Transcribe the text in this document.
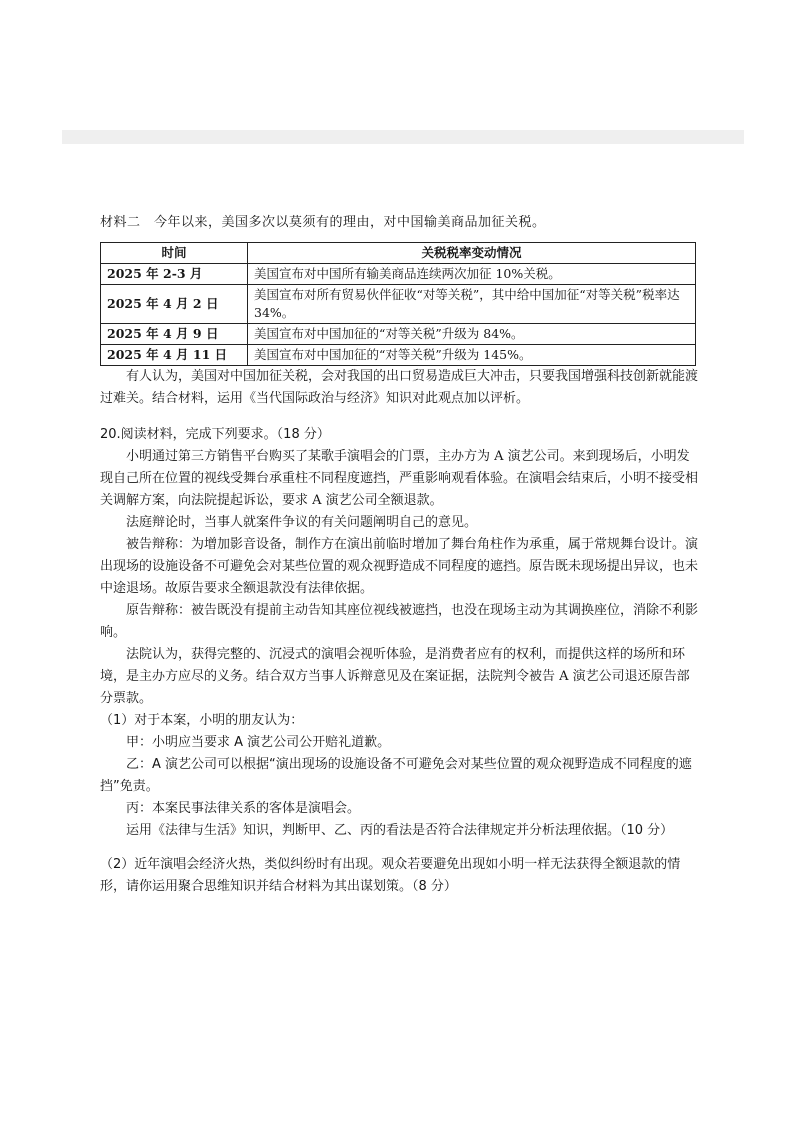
材料二　今年以来，美国多次以莫须有的理由，对中国输美商品加征关税。

时间	关税税率变动情况
2025 年 2-3 月	美国宣布对中国所有输美商品连续两次加征 10%关税。
2025 年 4 月 2 日	美国宣布对所有贸易伙伴征收“对等关税”，其中给中国加征“对等关税”税率达 34%。
2025 年 4 月 9 日	美国宣布对中国加征的“对等关税”升级为 84%。
2025 年 4 月 11 日	美国宣布对中国加征的“对等关税”升级为 145%。

有人认为，美国对中国加征关税，会对我国的出口贸易造成巨大冲击，只要我国增强科技创新就能渡过难关。结合材料，运用《当代国际政治与经济》知识对此观点加以评析。

20.阅读材料，完成下列要求。（18 分）

小明通过第三方销售平台购买了某歌手演唱会的门票，主办方为 A 演艺公司。来到现场后，小明发现自己所在位置的视线受舞台承重柱不同程度遮挡，严重影响观看体验。在演唱会结束后，小明不接受相关调解方案，向法院提起诉讼，要求 A 演艺公司全额退款。

法庭辩论时，当事人就案件争议的有关问题阐明自己的意见。

被告辩称：为增加影音设备，制作方在演出前临时增加了舞台角柱作为承重，属于常规舞台设计。演出现场的设施设备不可避免会对某些位置的观众视野造成不同程度的遮挡。原告既未现场提出异议，也未中途退场。故原告要求全额退款没有法律依据。

原告辩称：被告既没有提前主动告知其座位视线被遮挡，也没在现场主动为其调换座位，消除不利影响。

法院认为，获得完整的、沉浸式的演唱会视听体验，是消费者应有的权利，而提供这样的场所和环境，是主办方应尽的义务。结合双方当事人诉辩意见及在案证据，法院判令被告 A 演艺公司退还原告部分票款。

（1）对于本案，小明的朋友认为：

甲：小明应当要求 A 演艺公司公开赔礼道歉。

乙：A 演艺公司可以根据“演出现场的设施设备不可避免会对某些位置的观众视野造成不同程度的遮挡”免责。

丙：本案民事法律关系的客体是演唱会。

运用《法律与生活》知识，判断甲、乙、丙的看法是否符合法律规定并分析法理依据。（10 分）

（2）近年演唱会经济火热，类似纠纷时有出现。观众若要避免出现如小明一样无法获得全额退款的情形，请你运用聚合思维知识并结合材料为其出谋划策。（8 分）
